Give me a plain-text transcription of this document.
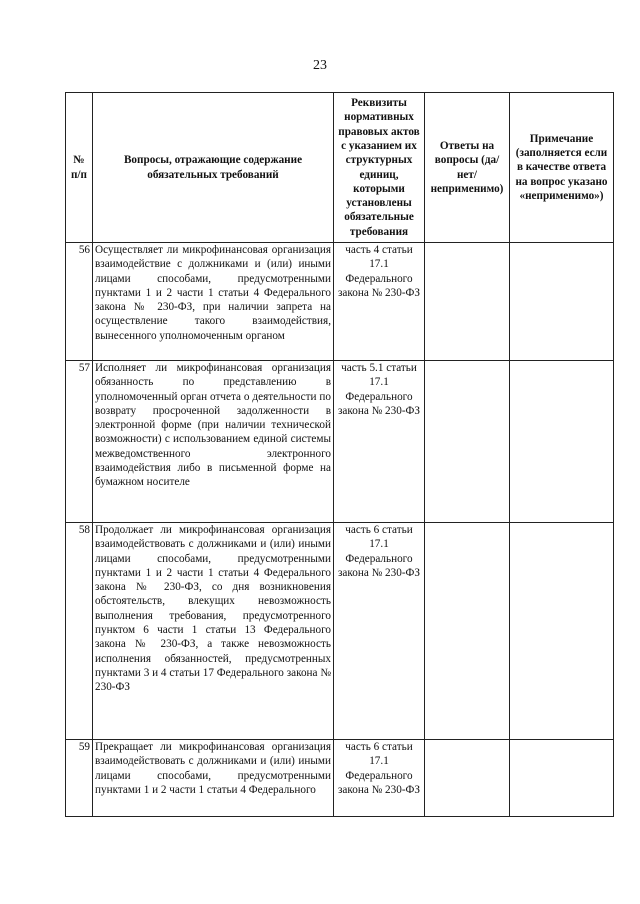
23
№ п/п	Вопросы, отражающие содержание обязательных требований	Реквизиты нормативных правовых актов с указанием их структурных единиц, которыми установлены обязательные требования	Ответы на вопросы (да/нет/ неприменимо)	Примечание (заполняется если в качестве ответа на вопрос указано «неприменимо»)
56	Осуществляет ли микрофинансовая организация взаимодействие с должниками и (или) иными лицами способами, предусмотренными пунктами 1 и 2 части 1 статьи 4 Федерального закона № 230-ФЗ, при наличии запрета на осуществление такого взаимодействия, вынесенного уполномоченным органом	часть 4 статьи 17.1 Федерального закона № 230-ФЗ		
57	Исполняет ли микрофинансовая организация обязанность по представлению в уполномоченный орган отчета о деятельности по возврату просроченной задолженности в электронной форме (при наличии технической возможности) с использованием единой системы межведомственного электронного взаимодействия либо в письменной форме на бумажном носителе	часть 5.1 статьи 17.1 Федерального закона № 230-ФЗ		
58	Продолжает ли микрофинансовая организация взаимодействовать с должниками и (или) иными лицами способами, предусмотренными пунктами 1 и 2 части 1 статьи 4 Федерального закона № 230-ФЗ, со дня возникновения обстоятельств, влекущих невозможность выполнения требования, предусмотренного пунктом 6 части 1 статьи 13 Федерального закона № 230-ФЗ, а также невозможность исполнения обязанностей, предусмотренных пунктами 3 и 4 статьи 17 Федерального закона № 230-ФЗ	часть 6 статьи 17.1 Федерального закона № 230-ФЗ		
59	Прекращает ли микрофинансовая организация взаимодействовать с должниками и (или) иными лицами способами, предусмотренными пунктами 1 и 2 части 1 статьи 4 Федерального	часть 6 статьи 17.1 Федерального закона № 230-ФЗ		
